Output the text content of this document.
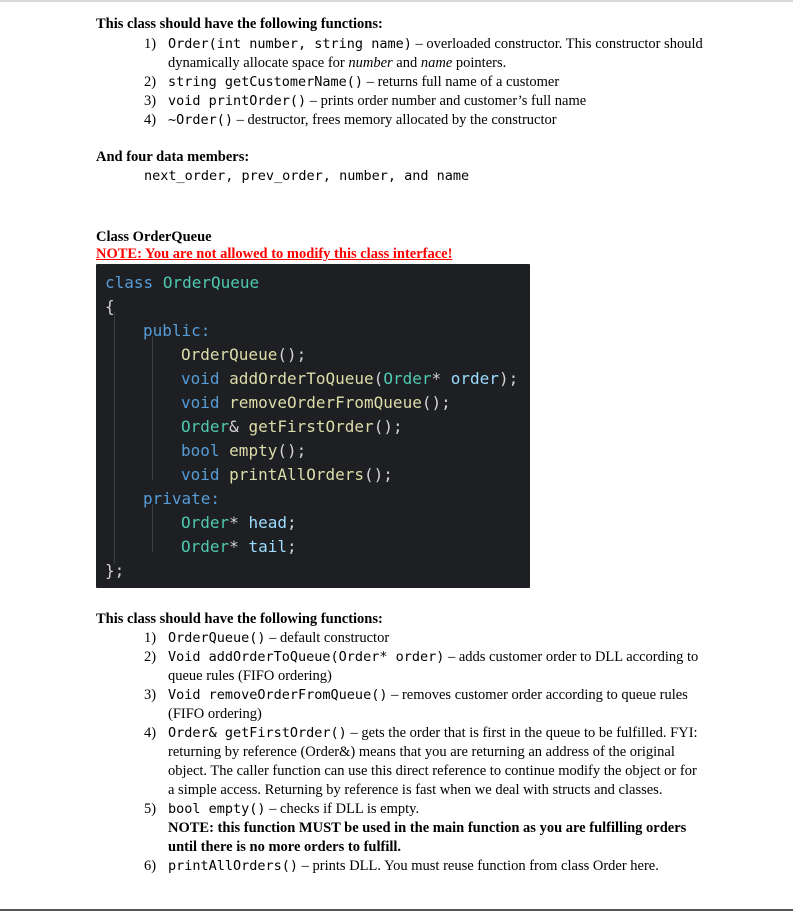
This class should have the following functions:
1) Order(int number, string name) – overloaded constructor. This constructor should dynamically allocate space for number and name pointers.
2) string getCustomerName() – returns full name of a customer
3) void printOrder() – prints order number and customer’s full name
4) ~Order() – destructor, frees memory allocated by the constructor
And four data members:
next_order, prev_order, number, and name
Class OrderQueue
NOTE: You are not allowed to modify this class interface!
class OrderQueue
{
public:
OrderQueue();
void addOrderToQueue(Order* order);
void removeOrderFromQueue();
Order& getFirstOrder();
bool empty();
void printAllOrders();
private:
Order* head;
Order* tail;
};
This class should have the following functions:
1) OrderQueue() – default constructor
2) Void addOrderToQueue(Order* order) – adds customer order to DLL according to queue rules (FIFO ordering)
3) Void removeOrderFromQueue() – removes customer order according to queue rules (FIFO ordering)
4) Order& getFirstOrder() – gets the order that is first in the queue to be fulfilled. FYI: returning by reference (Order&) means that you are returning an address of the original object. The caller function can use this direct reference to continue modify the object or for a simple access. Returning by reference is fast when we deal with structs and classes.
5) bool empty() – checks if DLL is empty.
NOTE: this function MUST be used in the main function as you are fulfilling orders until there is no more orders to fulfill.
6) printAllOrders() – prints DLL. You must reuse function from class Order here.
